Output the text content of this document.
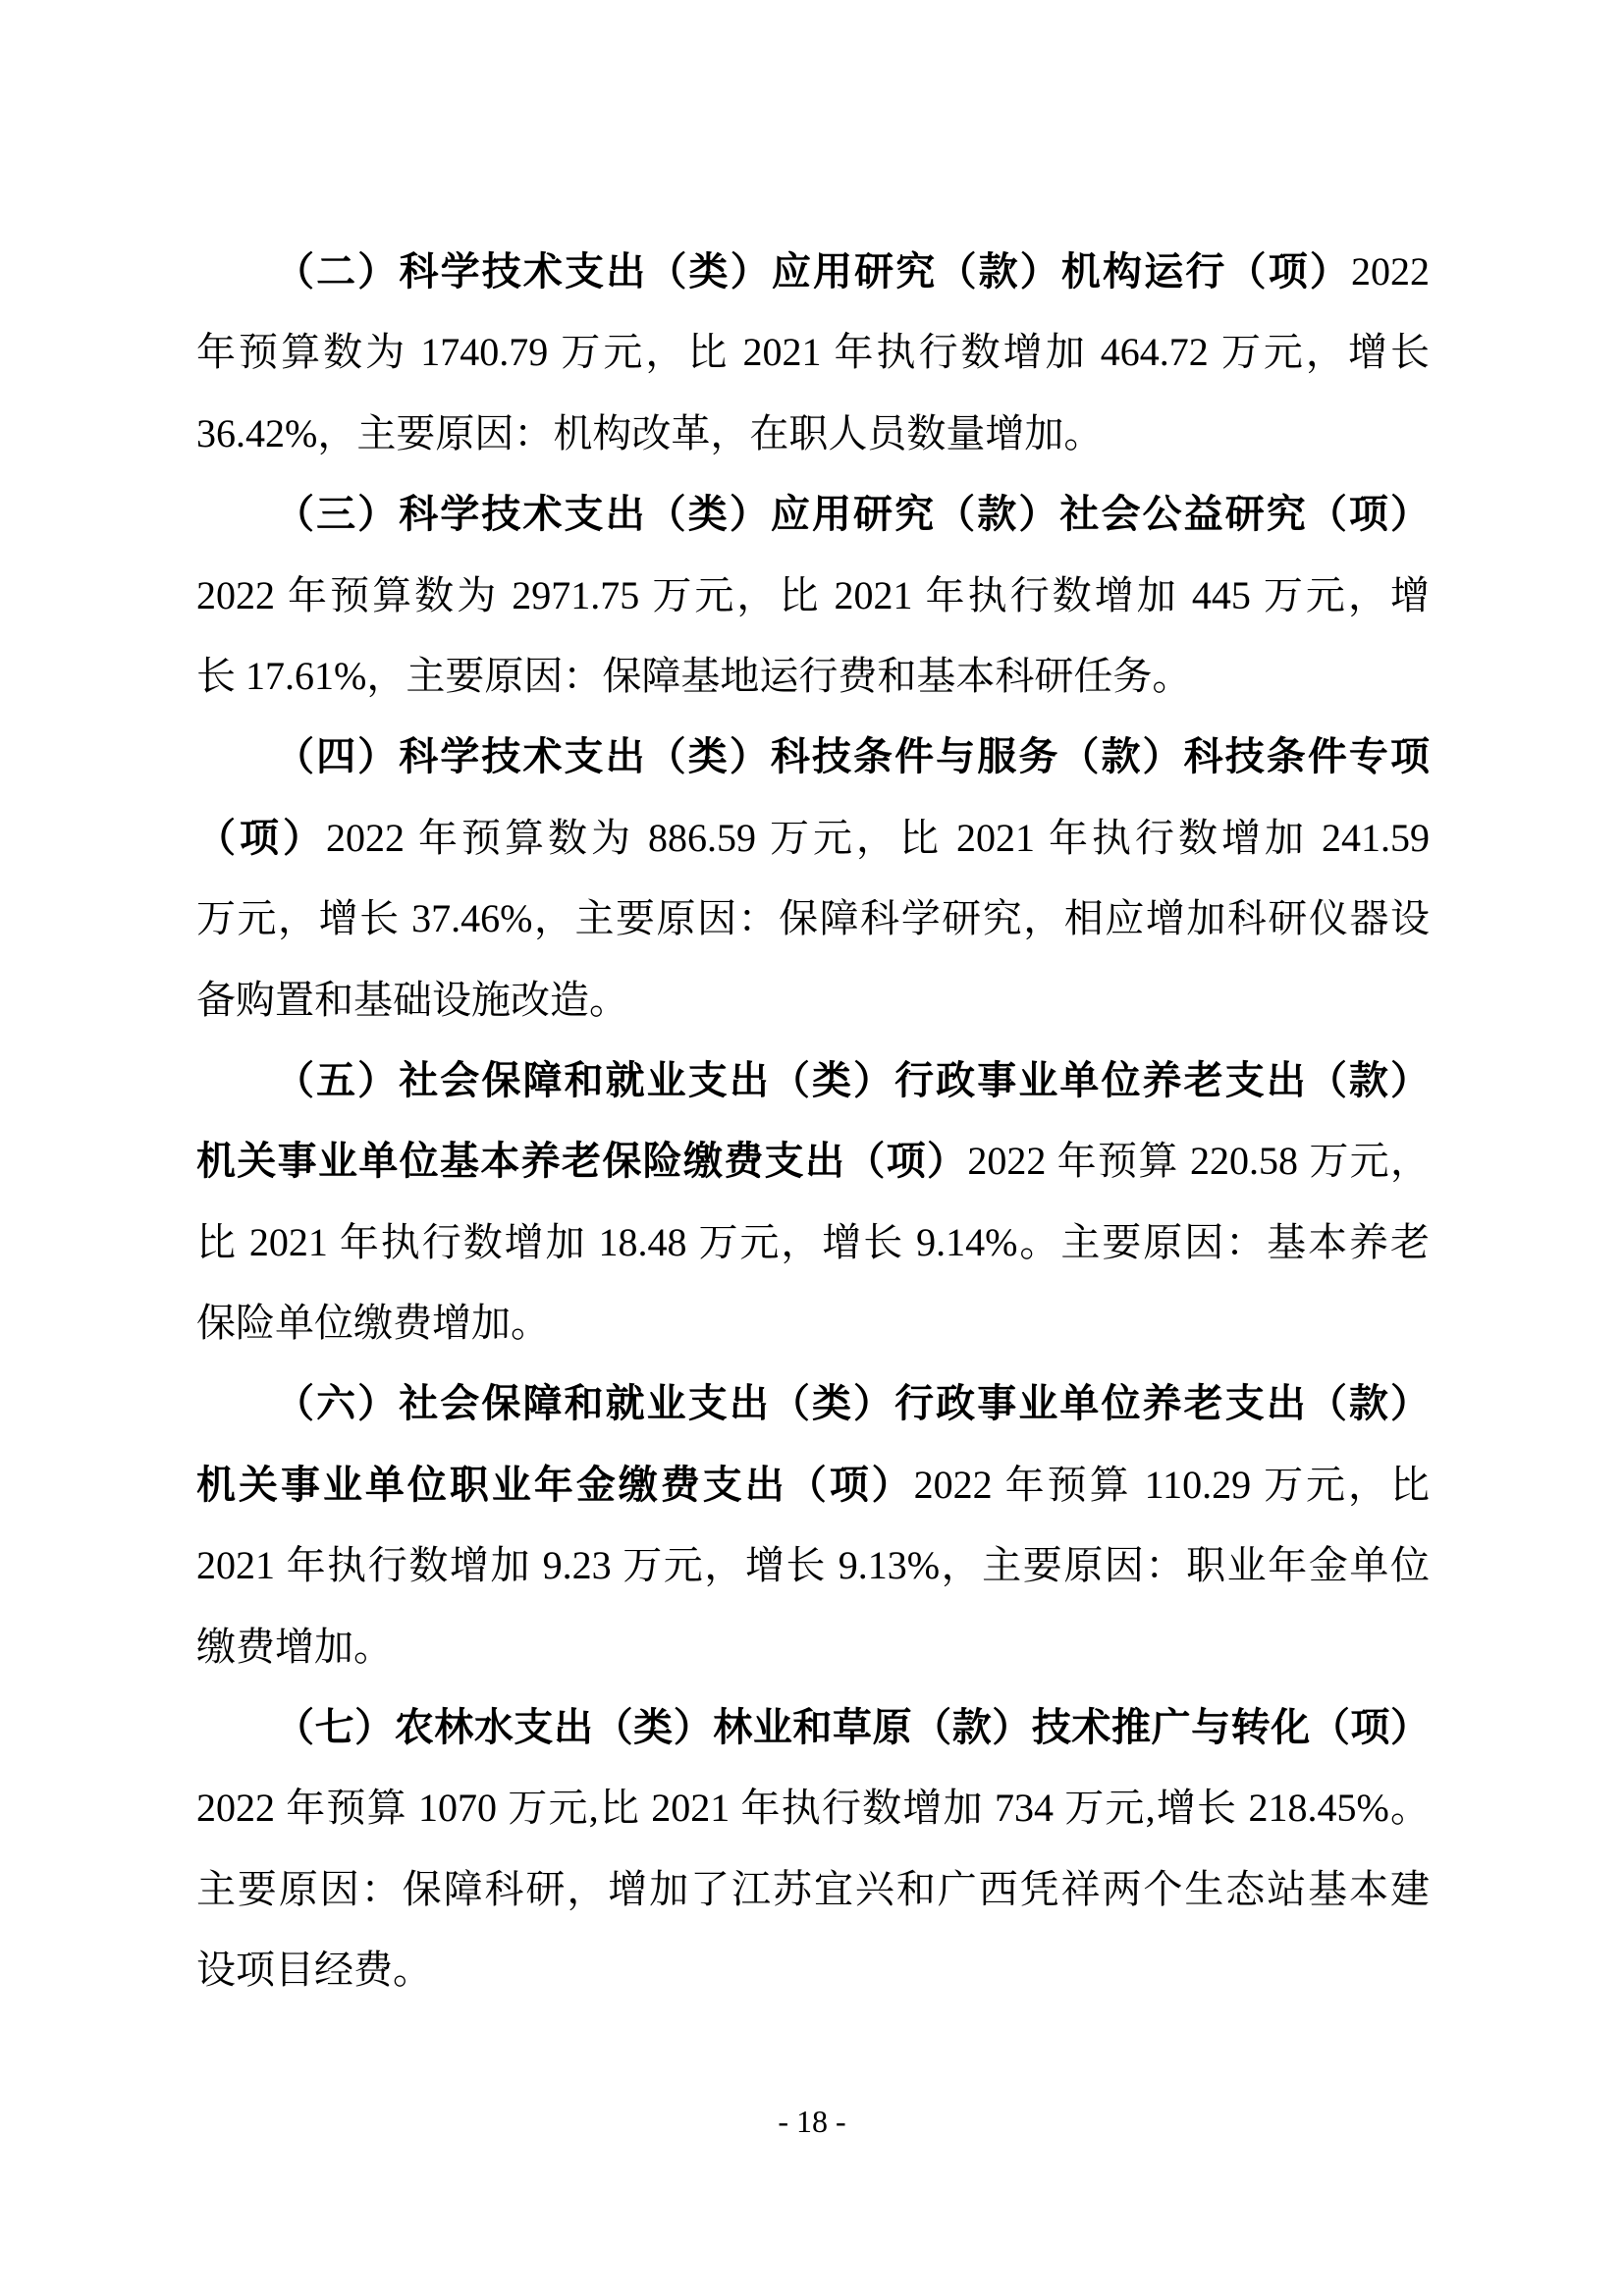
（二）科学技术支出（类）应用研究（款）机构运行（项）2022
年预算数为 1740.79 万元，比 2021 年执行数增加 464.72 万元，增长
36.42%，主要原因：机构改革，在职人员数量增加。
（三）科学技术支出（类）应用研究（款）社会公益研究（项）
2022 年预算数为 2971.75 万元，比 2021 年执行数增加 445 万元，增
长 17.61%，主要原因：保障基地运行费和基本科研任务。
（四）科学技术支出（类）科技条件与服务（款）科技条件专项
（项）2022 年预算数为 886.59 万元，比 2021 年执行数增加 241.59
万元，增长 37.46%，主要原因：保障科学研究，相应增加科研仪器设
备购置和基础设施改造。
（五）社会保障和就业支出（类）行政事业单位养老支出（款）
机关事业单位基本养老保险缴费支出（项）2022 年预算 220.58 万元，
比 2021 年执行数增加 18.48 万元，增长 9.14%。主要原因：基本养老
保险单位缴费增加。
（六）社会保障和就业支出（类）行政事业单位养老支出（款）
机关事业单位职业年金缴费支出（项）2022 年预算 110.29 万元，比
2021 年执行数增加 9.23 万元，增长 9.13%，主要原因：职业年金单位
缴费增加。
（七）农林水支出（类）林业和草原（款）技术推广与转化（项）
2022 年预算 1070 万元,比 2021 年执行数增加 734 万元,增长 218.45%。
主要原因：保障科研，增加了江苏宜兴和广西凭祥两个生态站基本建
设项目经费。
- 18 -
